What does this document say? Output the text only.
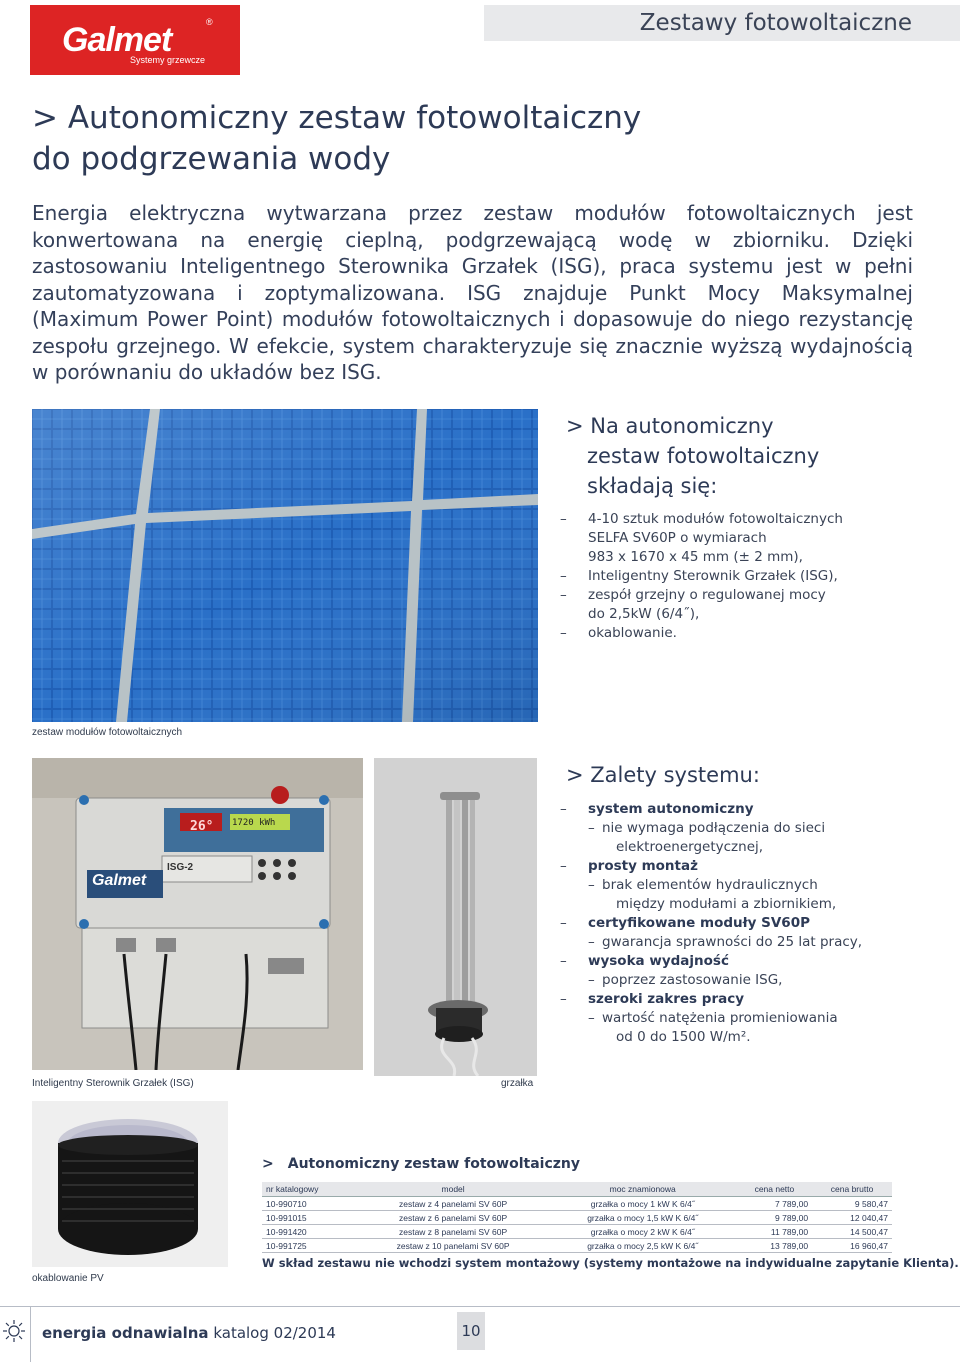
Galmet	®
Systemy grzewcze
Zestawy fotowoltaiczne
> Autonomiczny zestaw fotowoltaiczny
do podgrzewania wody

Energia elektryczna wytwarzana przez zestaw modułów fotowoltaicznych jest konwertowana na energię cieplną, podgrzewającą wodę w zbiorniku. Dzięki zastosowaniu Inteligentnego Sterownika Grzałek (ISG), praca systemu jest w pełni zautomatyzowana i zoptymalizowana. ISG znajduje Punkt Mocy Maksymalnej (Maximum Power Point) modułów fotowoltaicznych i dopasowuje do niego rezystancję zespołu grzejnego. W efekcie, system charakteryzuje się znacznie wyższą wydajnością w porównaniu do układów bez ISG.

zestaw modułów fotowoltaicznych
> Na autonomiczny
zestaw fotowoltaiczny
składają się:
– 4-10 sztuk modułów fotowoltaicznych
SELFA SV60P o wymiarach
983 x 1670 x 45 mm (± 2 mm),
– Inteligentny Sterownik Grzałek (ISG),
– zespół grzejny o regulowanej mocy
do 2,5kW (6/4˝),
– okablowanie.
26° 1720 kWh
ISG-2
Galmet
Inteligentny Sterownik Grzałek (ISG)	grzałka
> Zalety systemu:
– system autonomiczny
– nie wymaga podłączenia do sieci
elektroenergetycznej,
– prosty montaż
– brak elementów hydraulicznych
między modułami a zbiornikiem,
– certyfikowane moduły SV60P
– gwarancja sprawności do 25 lat pracy,
– wysoka wydajność
– poprzez zastosowanie ISG,
– szeroki zakres pracy
– wartość natężenia promieniowania
od 0 do 1500 W/m².
okablowanie PV
> Autonomiczny zestaw fotowoltaiczny
nr katalogowy	model	moc znamionowa	cena netto	cena brutto
10-990710	zestaw z 4 panelami SV 60P	grzałka o mocy 1 kW K 6/4˝	7 789,00	9 580,47
10-991015	zestaw z 6 panelami SV 60P	grzałka o mocy 1,5 kW K 6/4˝	9 789,00	12 040,47
10-991420	zestaw z 8 panelami SV 60P	grzałka o mocy 2 kW K 6/4˝	11 789,00	14 500,47
10-991725	zestaw z 10 panelami SV 60P	grzałka o mocy 2,5 kW K 6/4˝	13 789,00	16 960,47
W skład zestawu nie wchodzi system montażowy (systemy montażowe na indywidualne zapytanie Klienta).
energia odnawialna katalog 02/2014	10
